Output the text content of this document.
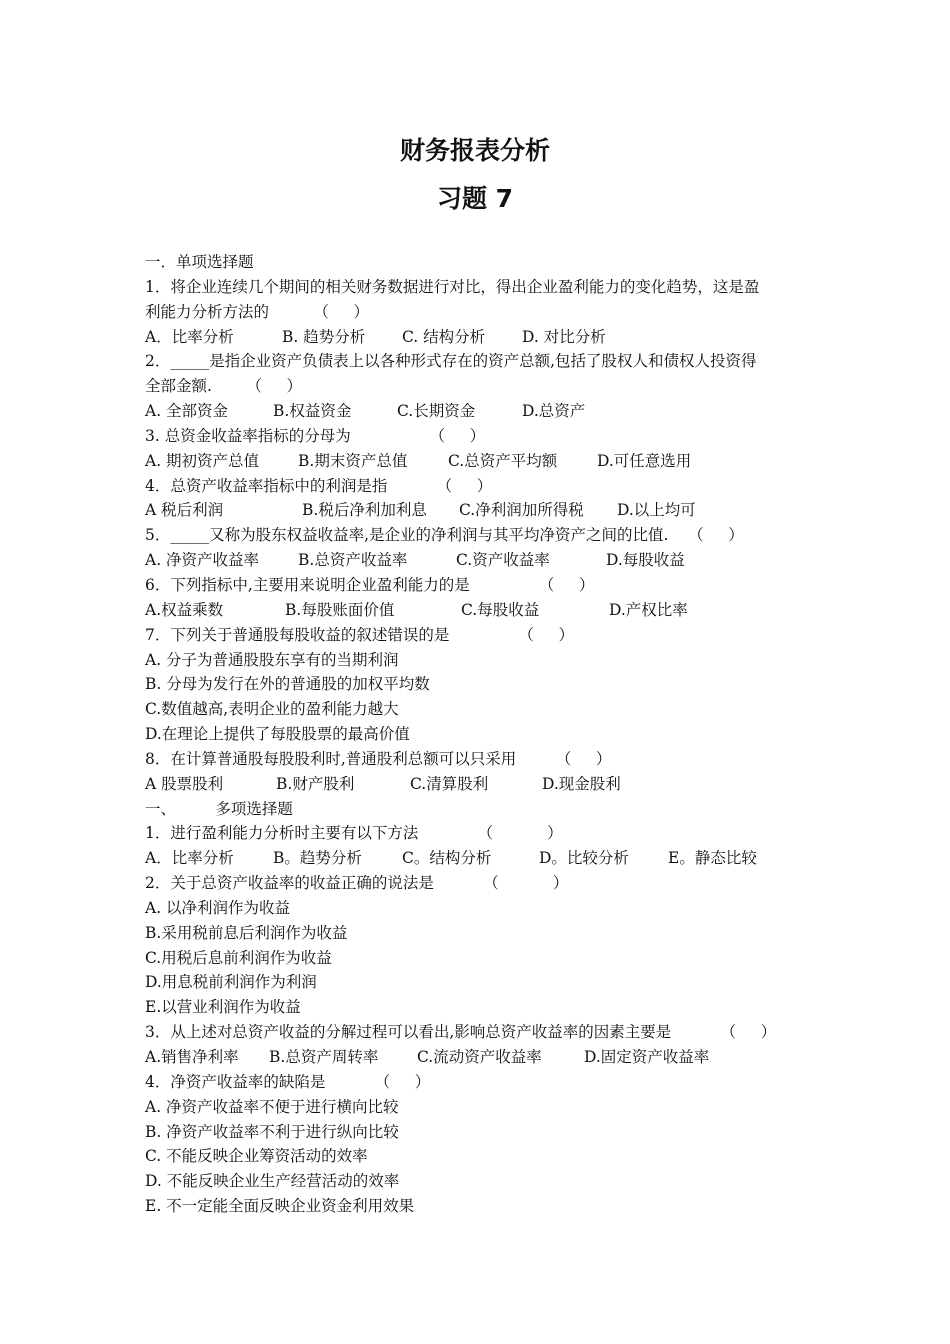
财务报表分析
习题 7
一．单项选择题
1．将企业连续几个期间的相关财务数据进行对比，得出企业盈利能力的变化趋势，这是盈
利能力分析方法的         （     ）
A．比率分析	B. 趋势分析	C. 结构分析	D. 对比分析
2．_____是指企业资产负债表上以各种形式存在的资产总额,包括了股权人和债权人投资得
全部金额.       （     ）
A. 全部资金	B.权益资金	C.长期资金	D.总资产
3. 总资金收益率指标的分母为                （     ）
A. 期初资产总值	B.期末资产总值	C.总资产平均额	D.可任意选用
4．总资产收益率指标中的利润是指          （     ）
A 税后利润	B.税后净利加利息	C.净利润加所得税	D.以上均可
5．_____又称为股东权益收益率,是企业的净利润与其平均净资产之间的比值.    （     ）
A. 净资产收益率	B.总资产收益率	C.资产收益率	D.每股收益
6．下列指标中,主要用来说明企业盈利能力的是              （     ）
A.权益乘数	B.每股账面价值	C.每股收益	D.产权比率
7．下列关于普通股每股收益的叙述错误的是              （     ）
A. 分子为普通股股东享有的当期利润
B. 分母为发行在外的普通股的加权平均数
C.数值越高,表明企业的盈利能力越大
D.在理论上提供了每股股票的最高价值
8．在计算普通股每股股利时,普通股利总额可以只采用        （     ）
A 股票股利	B.财产股利	C.清算股利	D.现金股利
一、        多项选择题
1．进行盈利能力分析时主要有以下方法            （           ）
A．比率分析	B。趋势分析	C。结构分析	D。比较分析	E。静态比较
2．关于总资产收益率的收益正确的说法是          （           ）
A. 以净利润作为收益
B.采用税前息后利润作为收益
C.用税后息前利润作为收益
D.用息税前利润作为利润
E.以营业利润作为收益
3．从上述对总资产收益的分解过程可以看出,影响总资产收益率的因素主要是          （     ）
A.销售净利率	B.总资产周转率	C.流动资产收益率	D.固定资产收益率
4．净资产收益率的缺陷是          （     ）
A. 净资产收益率不便于进行横向比较
B. 净资产收益率不利于进行纵向比较
C. 不能反映企业筹资活动的效率
D. 不能反映企业生产经营活动的效率
E. 不一定能全面反映企业资金利用效果
